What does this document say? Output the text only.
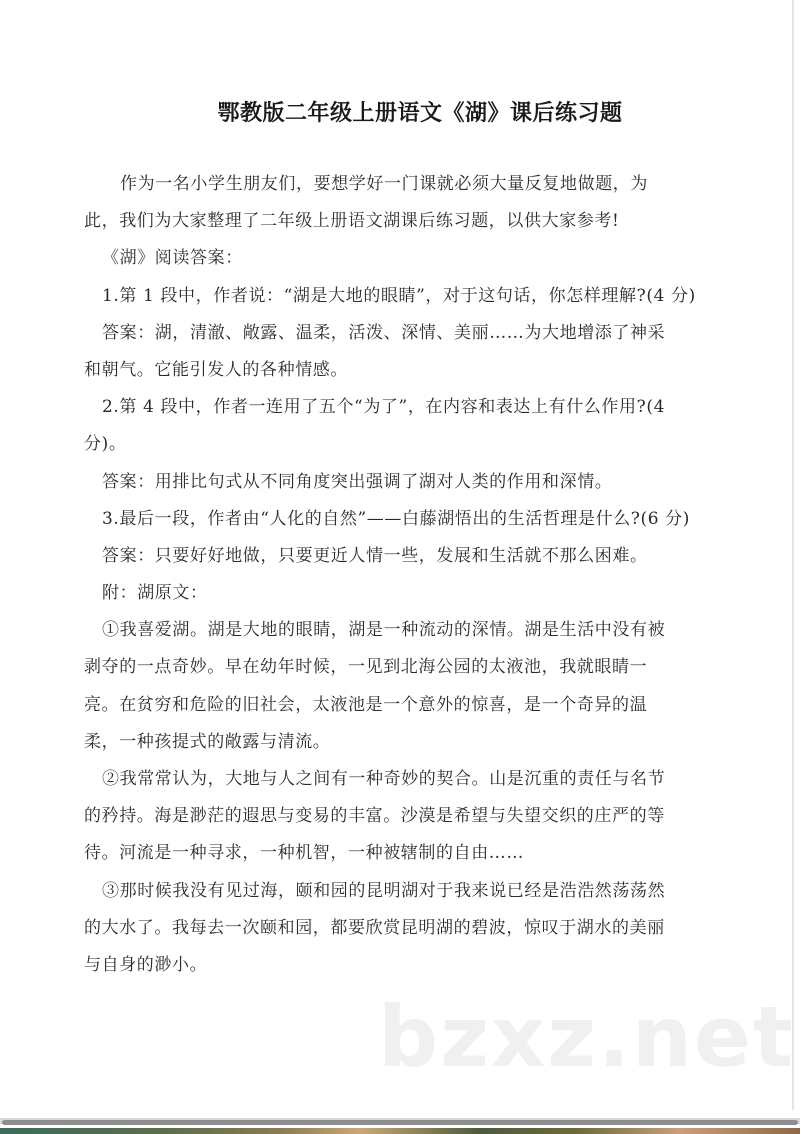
鄂教版二年级上册语文《湖》课后练习题
作为一名小学生朋友们，要想学好一门课就必须大量反复地做题，为
此，我们为大家整理了二年级上册语文湖课后练习题，以供大家参考!
《湖》阅读答案：
1.第 1 段中，作者说：“湖是大地的眼睛”，对于这句话，你怎样理解?(4 分)
答案：湖，清澈、敞露、温柔，活泼、深情、美丽……为大地增添了神采
和朝气。它能引发人的各种情感。
2.第 4 段中，作者一连用了五个“为了”，在内容和表达上有什么作用?(4
分)。
答案：用排比句式从不同角度突出强调了湖对人类的作用和深情。
3.最后一段，作者由“人化的自然”——白藤湖悟出的生活哲理是什么?(6 分)
答案：只要好好地做，只要更近人情一些，发展和生活就不那么困难。
附：湖原文：
①我喜爱湖。湖是大地的眼睛，湖是一种流动的深情。湖是生活中没有被
剥夺的一点奇妙。早在幼年时候，一见到北海公园的太液池，我就眼睛一
亮。在贫穷和危险的旧社会，太液池是一个意外的惊喜，是一个奇异的温
柔，一种孩提式的敞露与清流。
②我常常认为，大地与人之间有一种奇妙的契合。山是沉重的责任与名节
的矜持。海是渺茫的遐思与变易的丰富。沙漠是希望与失望交织的庄严的等
待。河流是一种寻求，一种机智，一种被辖制的自由……
③那时候我没有见过海，颐和园的昆明湖对于我来说已经是浩浩然荡荡然
的大水了。我每去一次颐和园，都要欣赏昆明湖的碧波，惊叹于湖水的美丽
与自身的渺小。
bzxz.net
